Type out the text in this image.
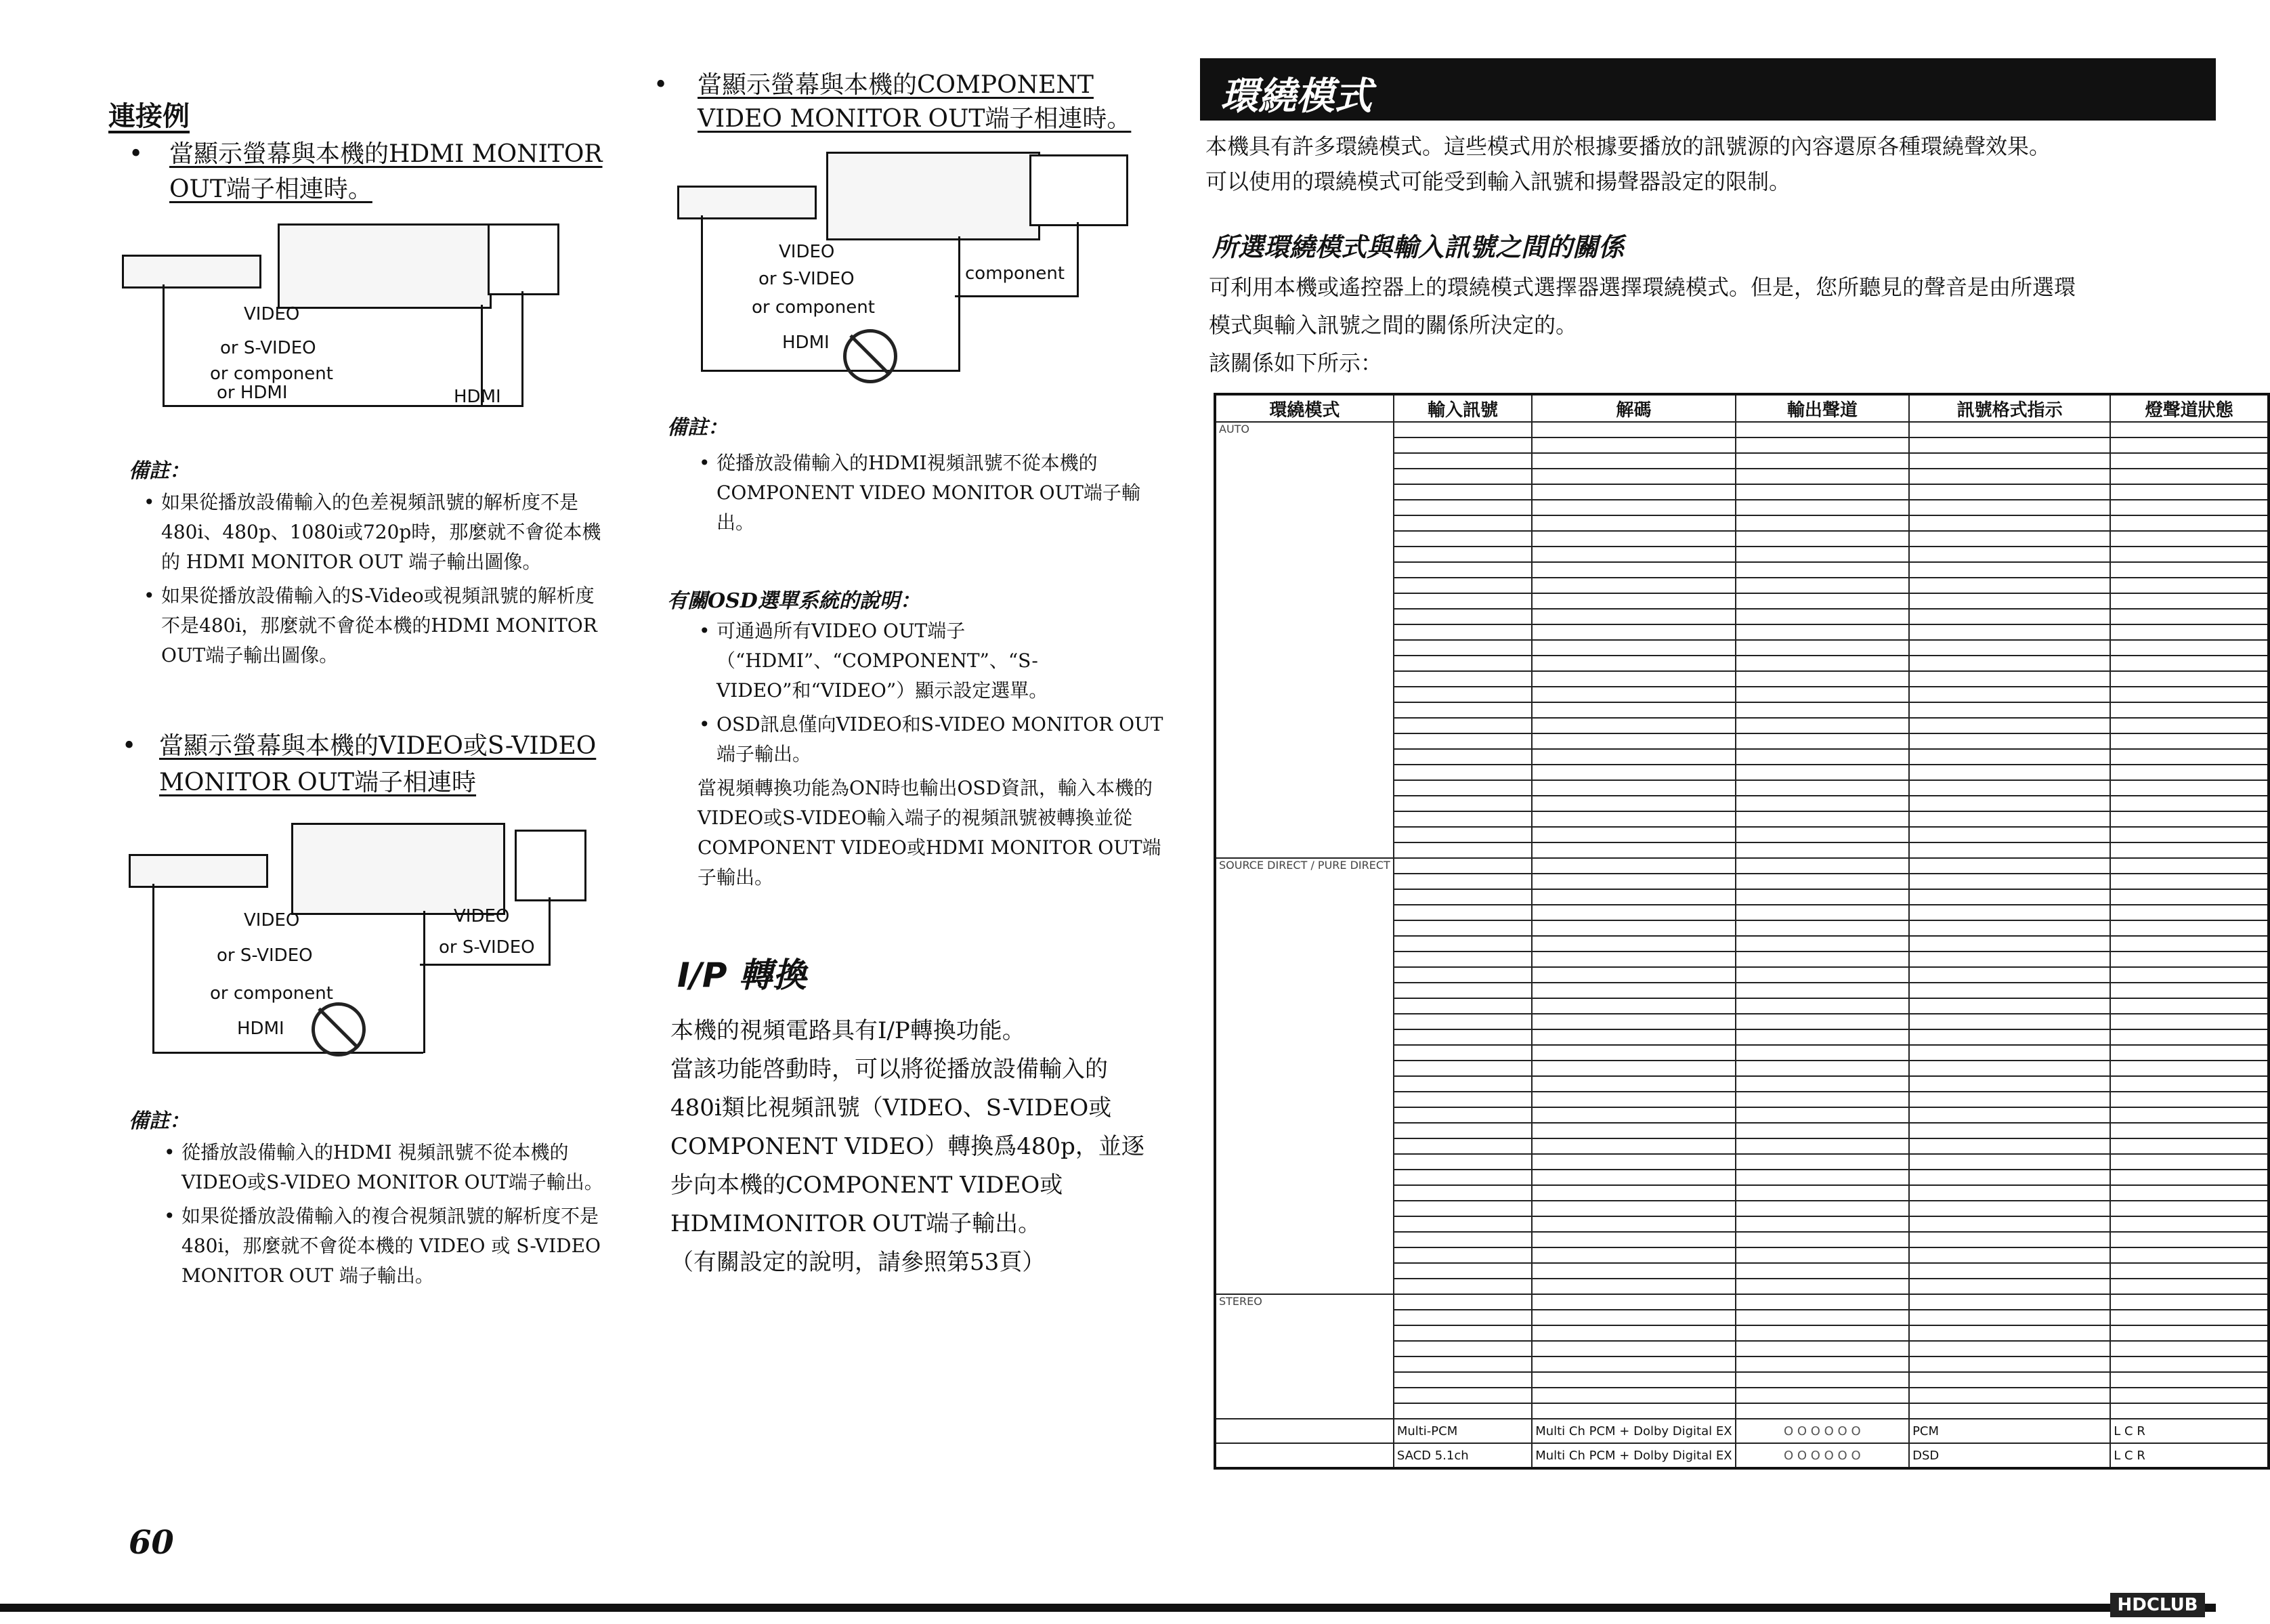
連接例
• 當顯示螢幕與本機的HDMI MONITOR
OUT端子相連時。
VIDEO
or S-VIDEO
or component
or HDMI	HDMI
備註：
• 如果從播放設備輸入的色差視頻訊號的解析度不是480i、480p、1080i或720p時，那麼就不會從本機的 HDMI MONITOR OUT 端子輸出圖像。
• 如果從播放設備輸入的S-Video或視頻訊號的解析度不是480i，那麼就不會從本機的HDMI MONITOR OUT端子輸出圖像。
• 當顯示螢幕與本機的VIDEO或S-VIDEO
MONITOR OUT端子相連時
VIDEO
or S-VIDEO
or component
HDMI
VIDEO
or S-VIDEO
備註：
• 從播放設備輸入的HDMI 視頻訊號不從本機的VIDEO或S-VIDEO MONITOR OUT端子輸出。
• 如果從播放設備輸入的複合視頻訊號的解析度不是 480i，那麼就不會從本機的 VIDEO 或 S-VIDEO MONITOR OUT 端子輸出。
60
• 當顯示螢幕與本機的COMPONENT
VIDEO MONITOR OUT端子相連時。
VIDEO
or S-VIDEO
or component
HDMI
component
備註：
• 從播放設備輸入的HDMI視頻訊號不從本機的COMPONENT VIDEO MONITOR OUT端子輸出。
有關OSD選單系統的說明：
• 可通過所有VIDEO OUT端子（“HDMI”、“COMPONENT”、“S-VIDEO”和“VIDEO”）顯示設定選單。
• OSD訊息僅向VIDEO和S-VIDEO MONITOR OUT端子輸出。
當視頻轉換功能為ON時也輸出OSD資訊，輸入本機的VIDEO或S-VIDEO輸入端子的視頻訊號被轉換並從COMPONENT VIDEO或HDMI MONITOR OUT端子輸出。
I/P 轉換
本機的視頻電路具有I/P轉換功能。
當該功能啓動時，可以將從播放設備輸入的
480i類比視頻訊號（VIDEO、S-VIDEO或
COMPONENT VIDEO）轉換爲480p，並逐
步向本機的COMPONENT VIDEO或
HDMIMONITOR OUT端子輸出。
（有關設定的說明，請參照第53頁）
環繞模式
本機具有許多環繞模式。這些模式用於根據要播放的訊號源的內容還原各種環繞聲效果。
可以使用的環繞模式可能受到輸入訊號和揚聲器設定的限制。
所選環繞模式與輸入訊號之間的關係
可利用本機或遙控器上的環繞模式選擇器選擇環繞模式。但是，您所聽見的聲音是由所選環
模式與輸入訊號之間的關係所決定的。
該關係如下所示：
環繞模式	輸入訊號	解碼	輸出聲道	訊號格式指示	燈聲道狀態
AUTO					

SOURCE DIRECT / PURE DIRECT					

STEREO					

	Multi-PCM	Multi Ch PCM + Dolby Digital EX	O O O O O O	PCM	L C R
	SACD 5.1ch	Multi Ch PCM + Dolby Digital EX	O O O O O O	DSD	L C R
HDCLUB
